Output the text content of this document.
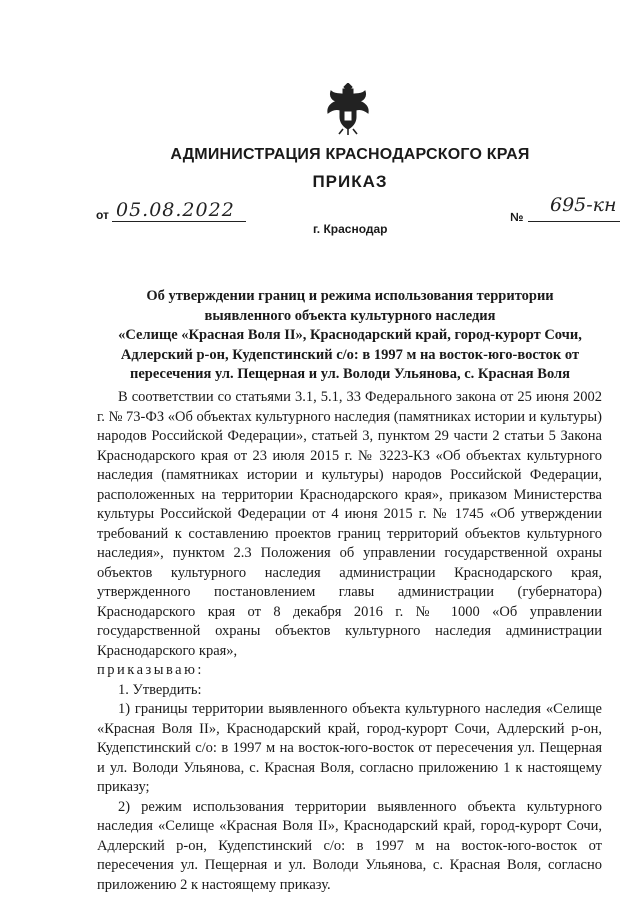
АДМИНИСТРАЦИЯ КРАСНОДАРСКОГО КРАЯ
ПРИКАЗ
от 05.08.2022
г. Краснодар
№
695-кн
Об утверждении границ и режима использования территории
выявленного объекта культурного наследия
«Селище «Красная Воля II», Краснодарский край, город-курорт Сочи,
Адлерский р-он, Кудепстинский с/о: в 1997 м на восток-юго-восток от
пересечения ул. Пещерная и ул. Володи Ульянова, с. Красная Воля

В соответствии со статьями 3.1, 5.1, 33 Федерального закона от 25 июня 2002 г. № 73-ФЗ «Об объектах культурного наследия (памятниках истории и культуры) народов Российской Федерации», статьей 3, пунктом 29 части 2 статьи 5 Закона Краснодарского края от 23 июля 2015 г. № 3223-КЗ «Об объектах культурного наследия (памятниках истории и культуры) народов Российской Федерации, расположенных на территории Краснодарского края», приказом Министерства культуры Российской Федерации от 4 июня 2015 г. № 1745 «Об утверждении требований к составлению проектов границ территорий объектов культурного наследия», пунктом 2.3 Положения об управлении государственной охраны объектов культурного наследия администрации Краснодарского края, утвержденного постановлением главы администрации (губернатора) Краснодарского края от 8 декабря 2016 г. № 1000 «Об управлении государственной охраны объектов культурного наследия администрации Краснодарского края»,

приказываю:

1. Утвердить:

1) границы территории выявленного объекта культурного наследия «Селище «Красная Воля II», Краснодарский край, город-курорт Сочи, Адлерский р-он, Кудепстинский с/о: в 1997 м на восток-юго-восток от пересечения ул. Пещерная и ул. Володи Ульянова, с. Красная Воля, согласно приложению 1 к настоящему приказу;

2) режим использования территории выявленного объекта культурного наследия «Селище «Красная Воля II», Краснодарский край, город-курорт Сочи, Адлерский р-он, Кудепстинский с/о: в 1997 м на восток-юго-восток от пересечения ул. Пещерная и ул. Володи Ульянова, с. Красная Воля, согласно приложению 2 к настоящему приказу.
